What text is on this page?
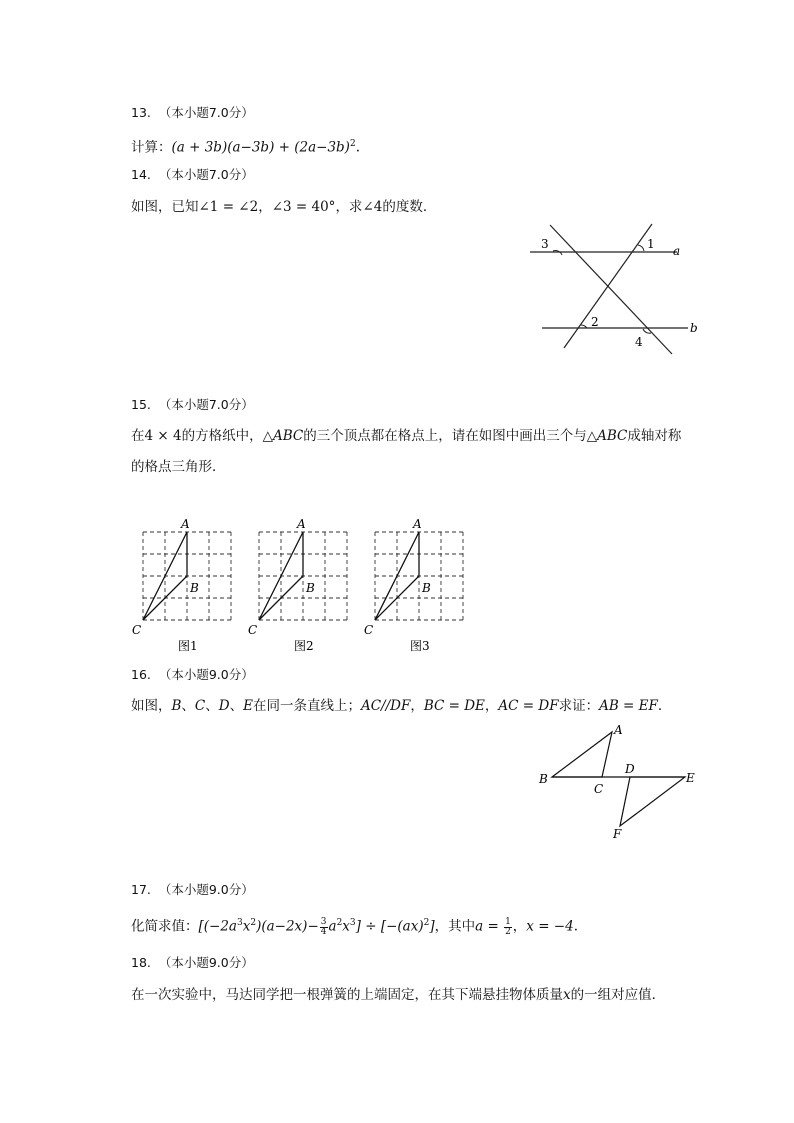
13.  （本小题7.0分）
计算：$(a + 3b)(a-3b) + (2a-3b)^2$.
14.  （本小题7.0分）
如图，已知∠1 = ∠2，∠3 = 40°，求∠4的度数．
3	1 a
2	b
4
15.  （本小题7.0分）
在4 × 4的方格纸中，△ABC的三个顶点都在格点上，请在如图中画出三个与△ABC成轴对称
的格点三角形．
A
B
C
图1
A
B
C
图2
A
B
C
图3
16.  （本小题9.0分）
如图，B、C、D、E在同一条直线上；AC//DF，BC = DE，AC = DF求证：AB = EF．
A
B
C
D
E
F
17.  （本小题9.0分）
化简求值：$[(-2a^3x^2)(a-2x)- \frac{3}{4} a^2x^3] \div [-(ax)^2]$，其中$a = \frac{1}{2}$ ，x = −4.
18.  （本小题9.0分）
在一次实验中，马达同学把一根弹簧的上端固定，在其下端悬挂物体质量x的一组对应值．
